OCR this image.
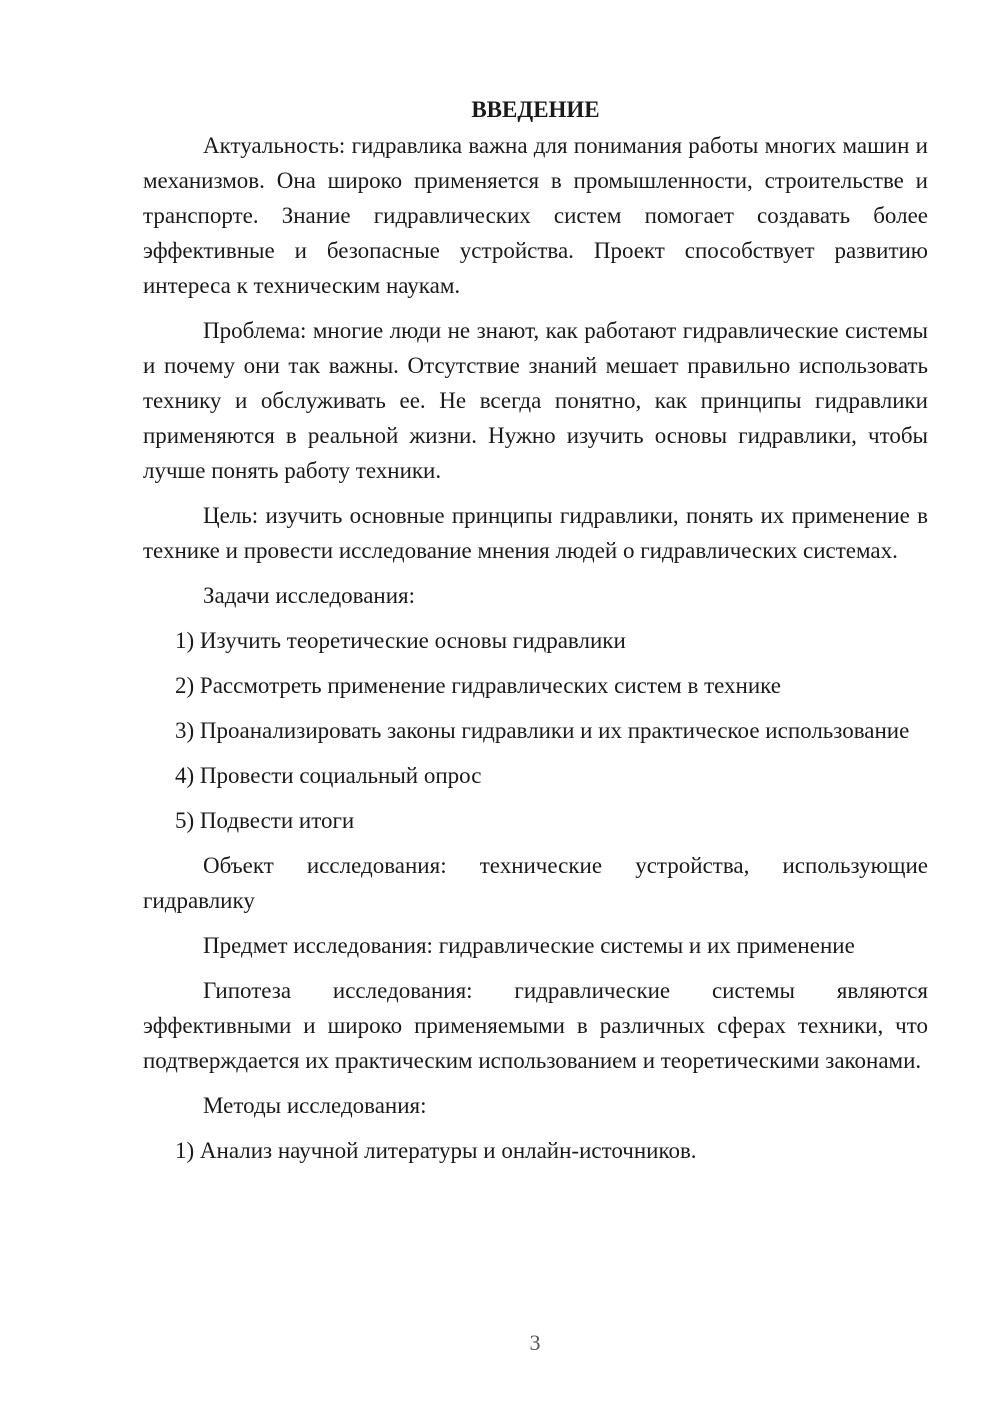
ВВЕДЕНИЕ

Актуальность: гидравлика важна для понимания работы многих машин и механизмов. Она широко применяется в промышленности, строительстве и транспорте. Знание гидравлических систем помогает создавать более эффективные и безопасные устройства. Проект способствует развитию интереса к техническим наукам.

Проблема: многие люди не знают, как работают гидравлические системы и почему они так важны. Отсутствие знаний мешает правильно использовать технику и обслуживать ее. Не всегда понятно, как принципы гидравлики применяются в реальной жизни. Нужно изучить основы гидравлики, чтобы лучше понять работу техники.

Цель: изучить основные принципы гидравлики, понять их применение в технике и провести исследование мнения людей о гидравлических системах.

Задачи исследования:

1) Изучить теоретические основы гидравлики
2) Рассмотреть применение гидравлических систем в технике
3) Проанализировать законы гидравлики и их практическое использование
4) Провести социальный опрос
5) Подвести итоги

Объект исследования: технические устройства, использующие гидравлику

Предмет исследования: гидравлические системы и их применение

Гипотеза исследования: гидравлические системы являются эффективными и широко применяемыми в различных сферах техники, что подтверждается их практическим использованием и теоретическими законами.

Методы исследования:

1) Анализ научной литературы и онлайн-источников.
3
